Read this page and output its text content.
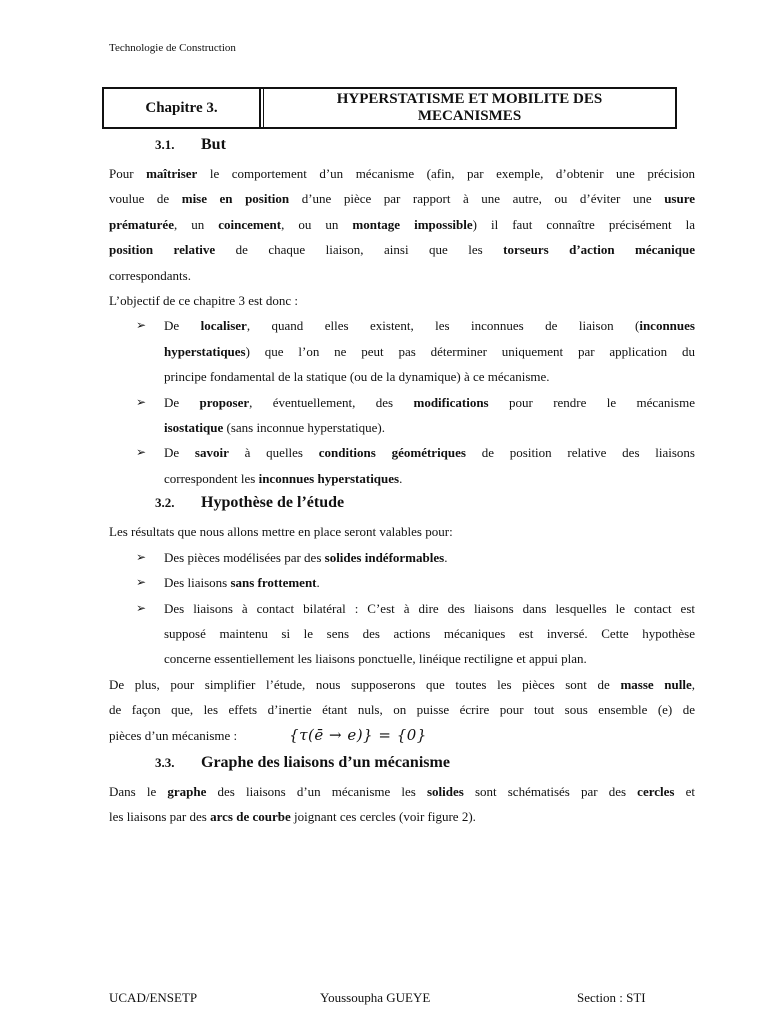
Technologie de Construction
Chapitre 3.
HYPERSTATISME ET MOBILITE DES MECANISMES
3.1.	But
Pour maîtriser le comportement d’un mécanisme (afin, par exemple, d’obtenir une précision
voulue de mise en position d’une pièce par rapport à une autre, ou d’éviter une usure
prématurée, un coincement, ou un montage impossible) il faut connaître précisément la
position relative de chaque liaison, ainsi que les torseurs d’action mécanique
correspondants.
L’objectif de ce chapitre 3 est donc :
➢ De localiser, quand elles existent, les inconnues de liaison (inconnues
hyperstatiques) que l’on ne peut pas déterminer uniquement par application du
principe fondamental de la statique (ou de la dynamique) à ce mécanisme.
➢ De proposer, éventuellement, des modifications pour rendre le mécanisme
isostatique (sans inconnue hyperstatique).
➢ De savoir à quelles conditions géométriques de position relative des liaisons
correspondent les inconnues hyperstatiques.
3.2.	Hypothèse de l’étude
Les résultats que nous allons mettre en place seront valables pour:
➢ Des pièces modélisées par des solides indéformables.
➢ Des liaisons sans frottement.
➢ Des liaisons à contact bilatéral : C’est à dire des liaisons dans lesquelles le contact est
supposé maintenu si le sens des actions mécaniques est inversé. Cette hypothèse
concerne essentiellement les liaisons ponctuelle, linéique rectiligne et appui plan.
De plus, pour simplifier l’étude, nous supposerons que toutes les pièces sont de masse nulle,
de façon que, les effets d’inertie étant nuls, on puisse écrire pour tout sous ensemble (e) de
pièces d’un mécanisme :	{τ(ē → e)} = {0}
3.3.	Graphe des liaisons d’un mécanisme
Dans le graphe des liaisons d’un mécanisme les solides sont schématisés par des cercles et
les liaisons par des arcs de courbe joignant ces cercles (voir figure 2).
UCAD/ENSETP	Youssoupha GUEYE	Section : STI
